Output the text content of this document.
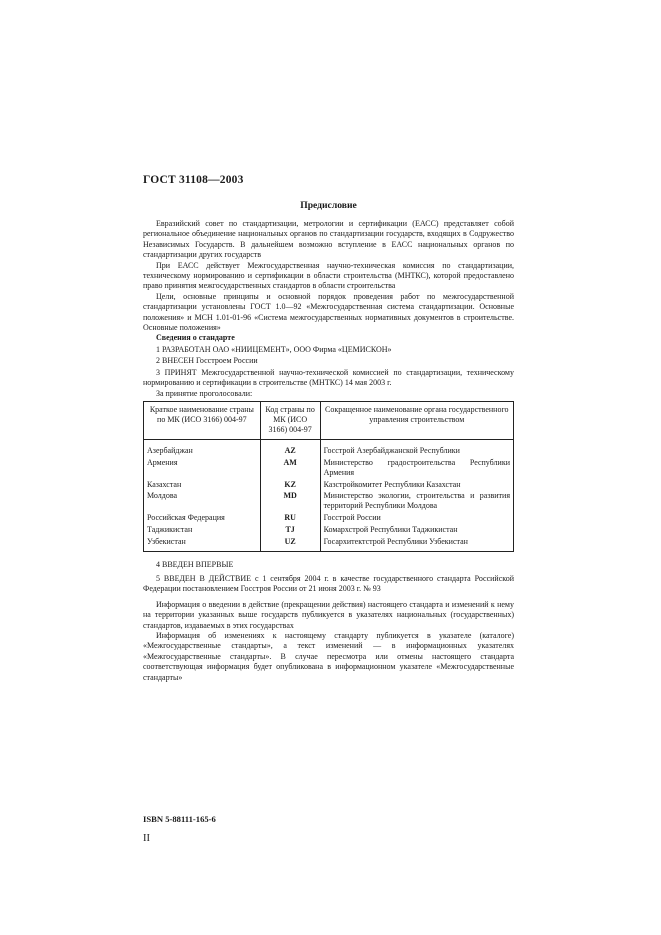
ГОСТ 31108—2003
Предисловие

Евразийский совет по стандартизации, метрологии и сертификации (ЕАСС) представляет собой региональное объединение национальных органов по стандартизации государств, входящих в Содружество Независимых Государств. В дальнейшем возможно вступление в ЕАСС национальных органов по стандартизации других государств

При ЕАСС действует Межгосударственная научно-техническая комиссия по стандартизации, техническому нормированию и сертификации в области строительства (МНТКС), которой предоставлено право принятия межгосударственных стандартов в области строительства

Цели, основные принципы и основной порядок проведения работ по межгосударственной стандартизации установлены ГОСТ 1.0—92 «Межгосударственная система стандартизации. Основные положения» и МСН 1.01-01-96 «Система межгосударственных нормативных документов в строительстве. Основные положения»

Сведения о стандарте

1 РАЗРАБОТАН ОАО «НИИЦЕМЕНТ», ООО Фирма «ЦЕМИСКОН»

2 ВНЕСЕН Госстроем России

3 ПРИНЯТ Межгосударственной научно-технической комиссией по стандартизации, техническому нормированию и сертификации в строительстве (МНТКС) 14 мая 2003 г.

За принятие проголосовали:

Краткое наименование страны по МК (ИСО 3166) 004-97	Код страны по МК (ИСО 3166) 004-97	Сокращенное наименование органа государственного управления строительством
Азербайджан	AZ	Госстрой Азербайджанской Республики
Армения	AM	Министерство градостроительства Республики Армения
Казахстан	KZ	Казстройкомитет Республики Казахстан
Молдова	MD	Министерство экологии, строительства и развития территорий Республики Молдова
Российская Федерация	RU	Госстрой России
Таджикистан	TJ	Комархстрой Республики Таджикистан
Узбекистан	UZ	Госархитектстрой Республики Узбекистан

4 ВВЕДЕН ВПЕРВЫЕ

5 ВВЕДЕН В ДЕЙСТВИЕ с 1 сентября 2004 г. в качестве государственного стандарта Российской Федерации постановлением Госстроя России от 21 июня 2003 г. № 93

Информация о введении в действие (прекращении действия) настоящего стандарта и изменений к нему на территории указанных выше государств публикуется в указателях национальных (государственных) стандартов, издаваемых в этих государствах

Информация об изменениях к настоящему стандарту публикуется в указателе (каталоге) «Межгосударственные стандарты», а текст изменений — в информационных указателях «Межгосударственные стандарты». В случае пересмотра или отмены настоящего стандарта соответствующая информация будет опубликована в информационном указателе «Межгосударственные стандарты»

ISBN 5-88111-165-6
II
